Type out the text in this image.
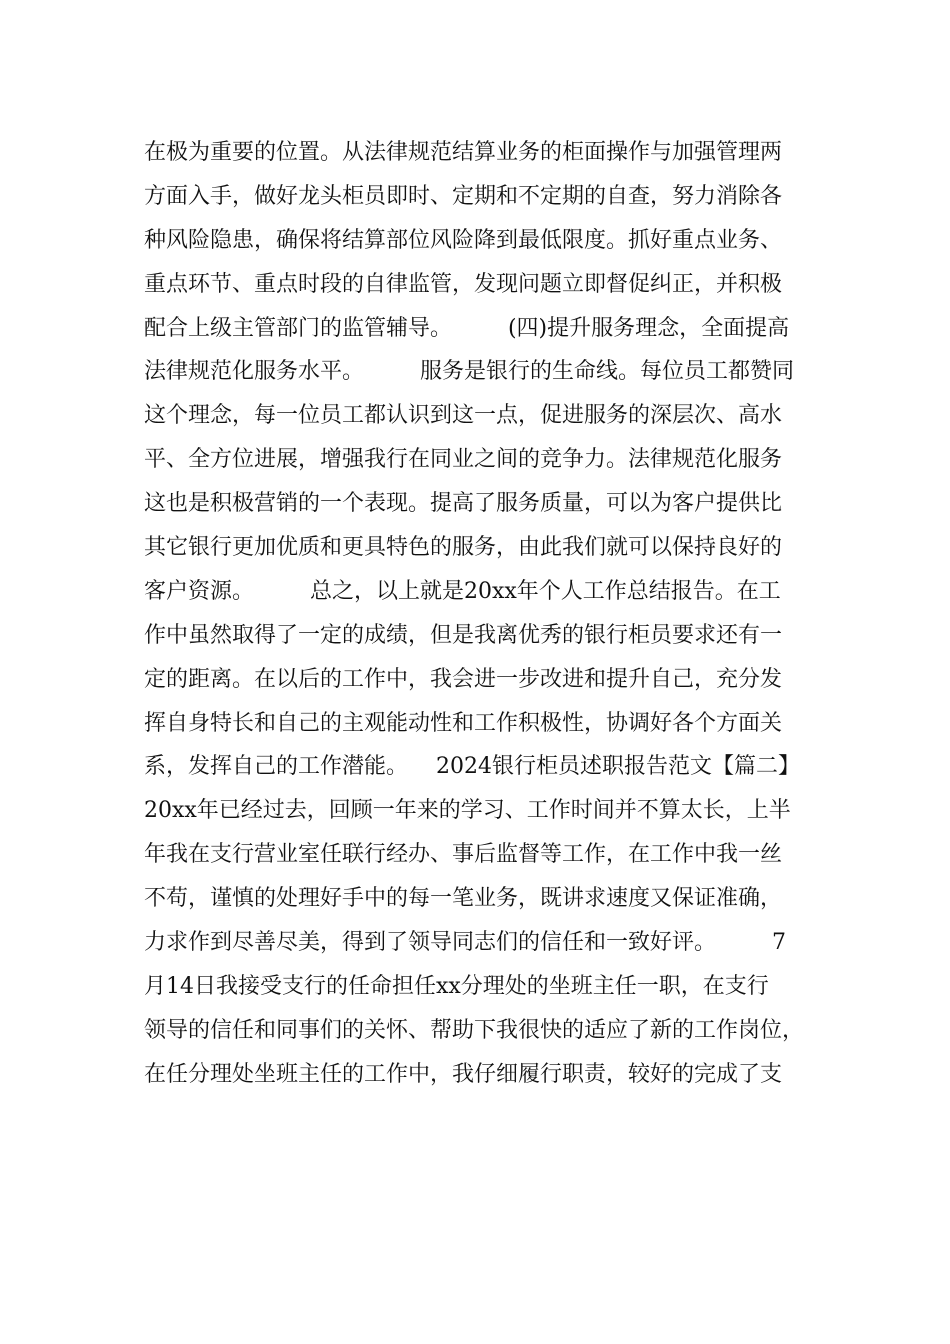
在极为重要的位置。从法律规范结算业务的柜面操作与加强管理两
方面入手，做好龙头柜员即时、定期和不定期的自查，努力消除各
种风险隐患，确保将结算部位风险降到最低限度。抓好重点业务、
重点环节、重点时段的自律监管，发现问题立即督促纠正，并积极
配合上级主管部门的监管辅导。        (四)提升服务理念，全面提高
法律规范化服务水平。        服务是银行的生命线。每位员工都赞同
这个理念，每一位员工都认识到这一点，促进服务的深层次、高水
平、全方位进展，增强我行在同业之间的竞争力。法律规范化服务
这也是积极营销的一个表现。提高了服务质量，可以为客户提供比
其它银行更加优质和更具特色的服务，由此我们就可以保持良好的
客户资源。        总之，以上就是20xx年个人工作总结报告。在工
作中虽然取得了一定的成绩，但是我离优秀的银行柜员要求还有一
定的距离。在以后的工作中，我会进一步改进和提升自己，充分发
挥自身特长和自己的主观能动性和工作积极性，协调好各个方面关
系，发挥自己的工作潜能。    2024银行柜员述职报告范文【篇二】
20xx年已经过去，回顾一年来的学习、工作时间并不算太长，上半
年我在支行营业室任联行经办、事后监督等工作，在工作中我一丝
不苟，谨慎的处理好手中的每一笔业务，既讲求速度又保证准确，
力求作到尽善尽美，得到了领导同志们的信任和一致好评。        7
月14日我接受支行的任命担任xx分理处的坐班主任一职，在支行
领导的信任和同事们的关怀、帮助下我很快的适应了新的工作岗位，
在任分理处坐班主任的工作中，我仔细履行职责，较好的完成了支
